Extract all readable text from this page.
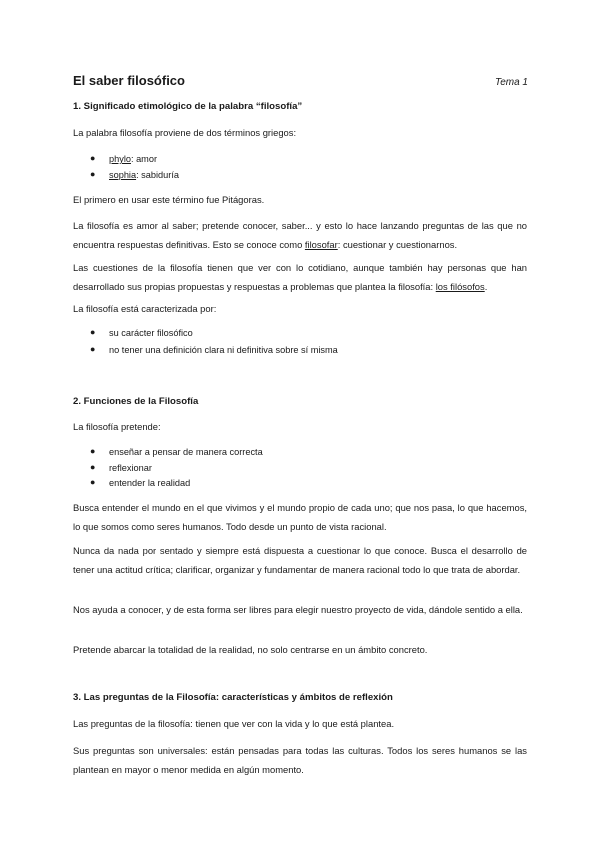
El saber filosófico	Tema 1
1. Significado etimológico de la palabra “filosofía”
La palabra filosofía proviene de dos términos griegos:
● phylo: amor
● sophia: sabiduría
El primero en usar este término fue Pitágoras.
La filosofía es amor al saber; pretende conocer, saber... y esto lo hace lanzando preguntas de las que no encuentra respuestas definitivas. Esto se conoce como filosofar: cuestionar y cuestionarnos.
Las cuestiones de la filosofía tienen que ver con lo cotidiano, aunque también hay personas que han desarrollado sus propias propuestas y respuestas a problemas que plantea la filosofía: los filósofos.
La filosofía está caracterizada por:
● su carácter filosófico
● no tener una definición clara ni definitiva sobre sí misma
2. Funciones de la Filosofía
La filosofía pretende:
● enseñar a pensar de manera correcta
● reflexionar
● entender la realidad
Busca entender el mundo en el que vivimos y el mundo propio de cada uno; que nos pasa, lo que hacemos, lo que somos como seres humanos. Todo desde un punto de vista racional.
Nunca da nada por sentado y siempre está dispuesta a cuestionar lo que conoce. Busca el desarrollo de tener una actitud crítica; clarificar, organizar y fundamentar de manera racional todo lo que trata de abordar.
Nos ayuda a conocer, y de esta forma ser libres para elegir nuestro proyecto de vida, dándole sentido a ella.
Pretende abarcar la totalidad de la realidad, no solo centrarse en un ámbito concreto.
3. Las preguntas de la Filosofía: características y ámbitos de reflexión
Las preguntas de la filosofía: tienen que ver con la vida y lo que está plantea.
Sus preguntas son universales: están pensadas para todas las culturas. Todos los seres humanos se las plantean en mayor o menor medida en algún momento.
